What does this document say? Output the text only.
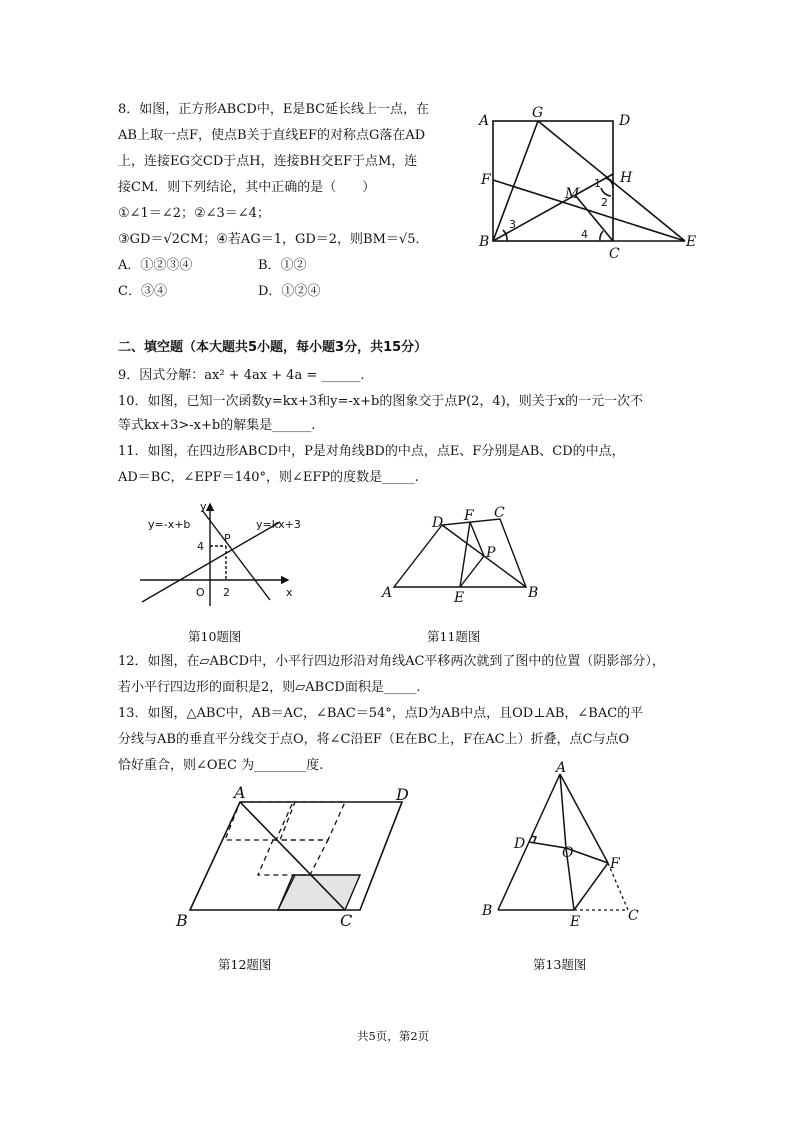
8．如图，正方形ABCD中，E是BC延长线上一点，在
AB上取一点F，使点B关于直线EF的对称点G落在AD
上，连接EG交CD于点H，连接BH交EF于点M，连
接CM．则下列结论，其中正确的是（　　）
①∠1＝∠2；②∠3＝∠4；
③GD＝√2CM；④若AG＝1，GD＝2，则BM＝√5．
A．①②③④	B．①②
C．③④	D．①②④
A	G	D
F	H
M
B
C
E
1
2
3
4
二、填空题（本大题共5小题，每小题3分，共15分）
9．因式分解：ax² + 4ax + 4a = ______.
10．如图，已知一次函数y=kx+3和y=-x+b的图象交于点P(2，4)，则关于x的一元一次不
等式kx+3>-x+b的解集是______.
11．如图，在四边形ABCD中，P是对角线BD的中点，点E、F分别是AB、CD的中点，
AD＝BC，∠EPF＝140°，则∠EFP的度数是_____.
y
x
O
P
4
2
y=-x+b	y=kx+3
第10题图
A	B
C
D
E
F
P
第11题图
12．如图，在▱ABCD中，小平行四边形沿对角线AC平移两次就到了图中的位置（阴影部分），
若小平行四边形的面积是2，则▱ABCD面积是_____.
13．如图，△ABC中，AB＝AC，∠BAC＝54°，点D为AB中点，且OD⊥AB，∠BAC的平
分线与AB的垂直平分线交于点O，将∠C沿EF（E在BC上，F在AC上）折叠，点C与点O
恰好重合，则∠OEC 为________度.
A	D
B	C
第12题图
A
B	C
D
E
F
O
第13题图
共5页，第2页
